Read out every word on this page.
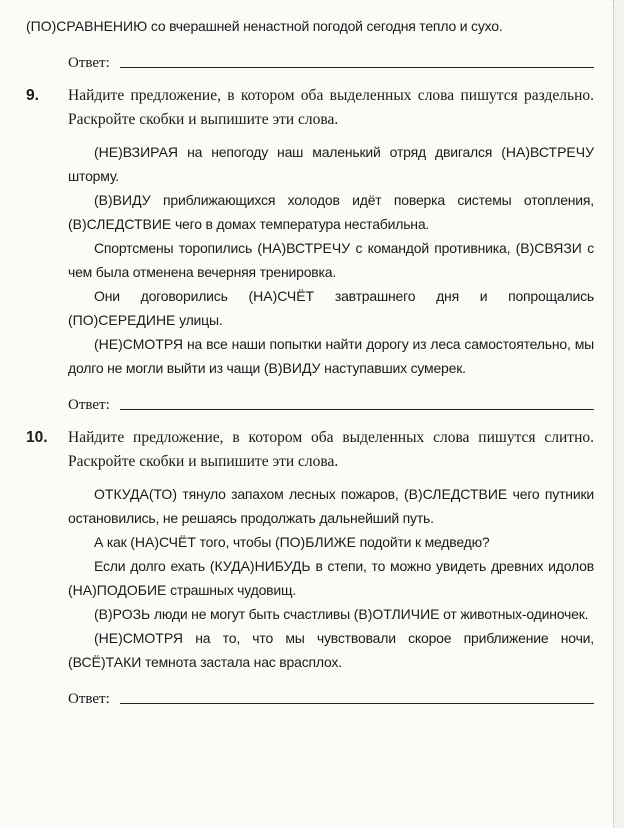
(ПО)СРАВНЕНИЮ со вчерашней ненастной погодой сегодня тепло и сухо.

Ответ:
9.	Найдите предложение, в котором оба выделенных слова пишутся раздельно. Раскройте скобки и выпишите эти слова.

(НЕ)ВЗИРАЯ на непогоду наш маленький отряд двигался (НА)ВСТРЕЧУ шторму.

(В)ВИДУ приближающихся холодов идёт поверка системы отопления, (В)СЛЕДСТВИЕ чего в домах температура нестабильна.

Спортсмены торопились (НА)ВСТРЕЧУ с командой противника, (В)СВЯЗИ с чем была отменена вечерняя тренировка.

Они договорились (НА)СЧЁТ завтрашнего дня и попрощались (ПО)СЕРЕДИНЕ улицы.

(НЕ)СМОТРЯ на все наши попытки найти дорогу из леса самостоятельно, мы долго не могли выйти из чащи (В)ВИДУ наступавших сумерек.

Ответ:
10.	Найдите предложение, в котором оба выделенных слова пишутся слитно. Раскройте скобки и выпишите эти слова.

ОТКУДА(ТО) тянуло запахом лесных пожаров, (В)СЛЕДСТВИЕ чего путники остановились, не решаясь продолжать дальнейший путь.

А как (НА)СЧЁТ того, чтобы (ПО)БЛИЖЕ подойти к медведю?

Если долго ехать (КУДА)НИБУДЬ в степи, то можно увидеть древних идолов (НА)ПОДОБИЕ страшных чудовищ.

(В)РОЗЬ люди не могут быть счастливы (В)ОТЛИЧИЕ от животных-одиночек.

(НЕ)СМОТРЯ на то, что мы чувствовали скорое приближение ночи, (ВСЁ)ТАКИ темнота застала нас врасплох.

Ответ:
